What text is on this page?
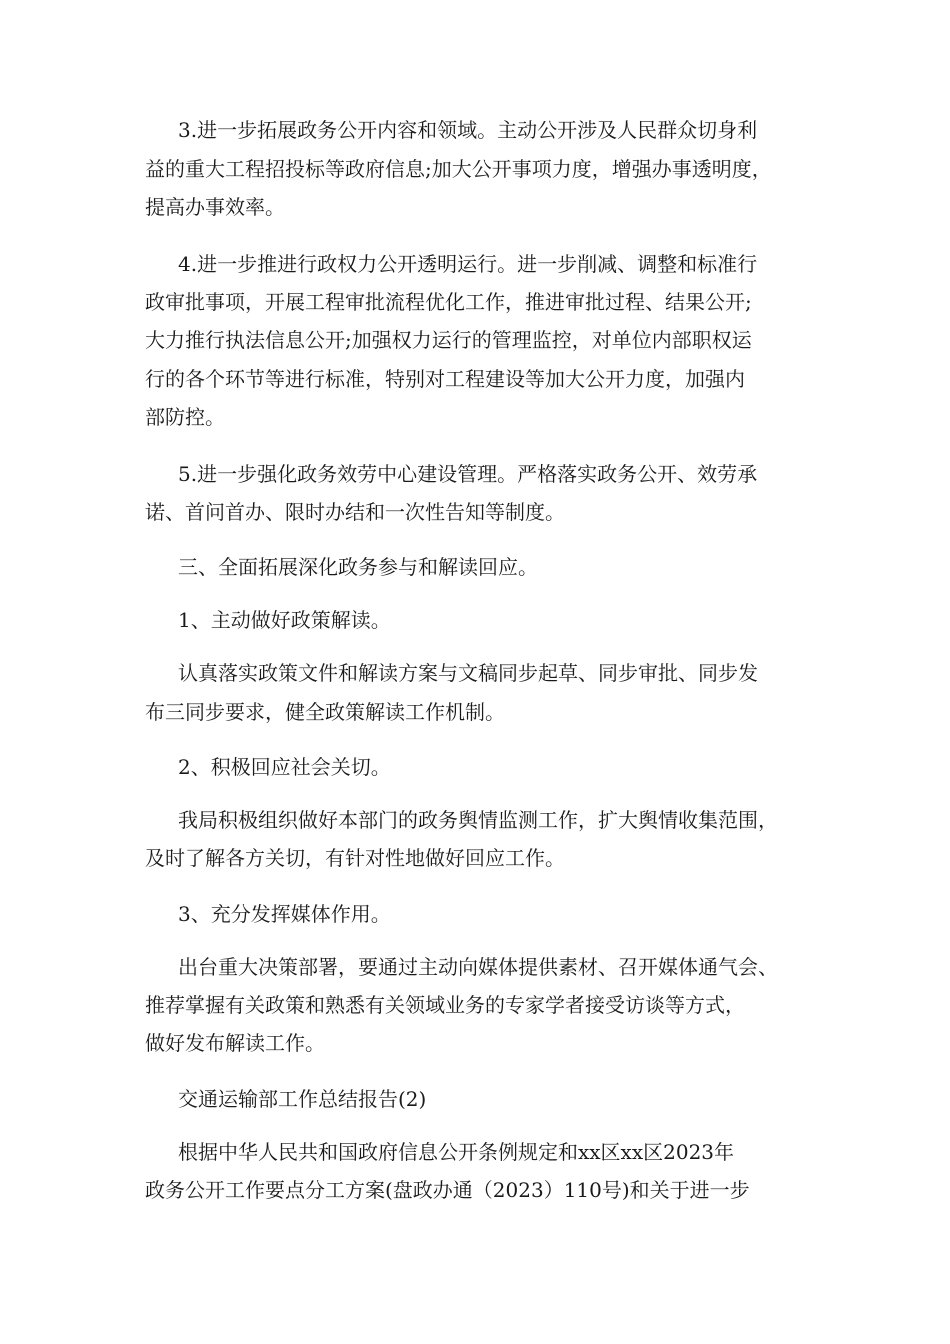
3.进一步拓展政务公开内容和领域。主动公开涉及人民群众切身利
益的重大工程招投标等政府信息;加大公开事项力度，增强办事透明度，
提高办事效率。
4.进一步推进行政权力公开透明运行。进一步削减、调整和标准行
政审批事项，开展工程审批流程优化工作，推进审批过程、结果公开;
大力推行执法信息公开;加强权力运行的管理监控，对单位内部职权运
行的各个环节等进行标准，特别对工程建设等加大公开力度，加强内
部防控。
5.进一步强化政务效劳中心建设管理。严格落实政务公开、效劳承
诺、首问首办、限时办结和一次性告知等制度。
三、全面拓展深化政务参与和解读回应。
1、主动做好政策解读。
认真落实政策文件和解读方案与文稿同步起草、同步审批、同步发
布三同步要求，健全政策解读工作机制。
2、积极回应社会关切。
我局积极组织做好本部门的政务舆情监测工作，扩大舆情收集范围，
及时了解各方关切，有针对性地做好回应工作。
3、充分发挥媒体作用。
出台重大决策部署，要通过主动向媒体提供素材、召开媒体通气会、
推荐掌握有关政策和熟悉有关领域业务的专家学者接受访谈等方式，
做好发布解读工作。
交通运输部工作总结报告(2)
根据中华人民共和国政府信息公开条例规定和xx区xx区2023年
政务公开工作要点分工方案(盘政办通（2023）110号)和关于进一步
